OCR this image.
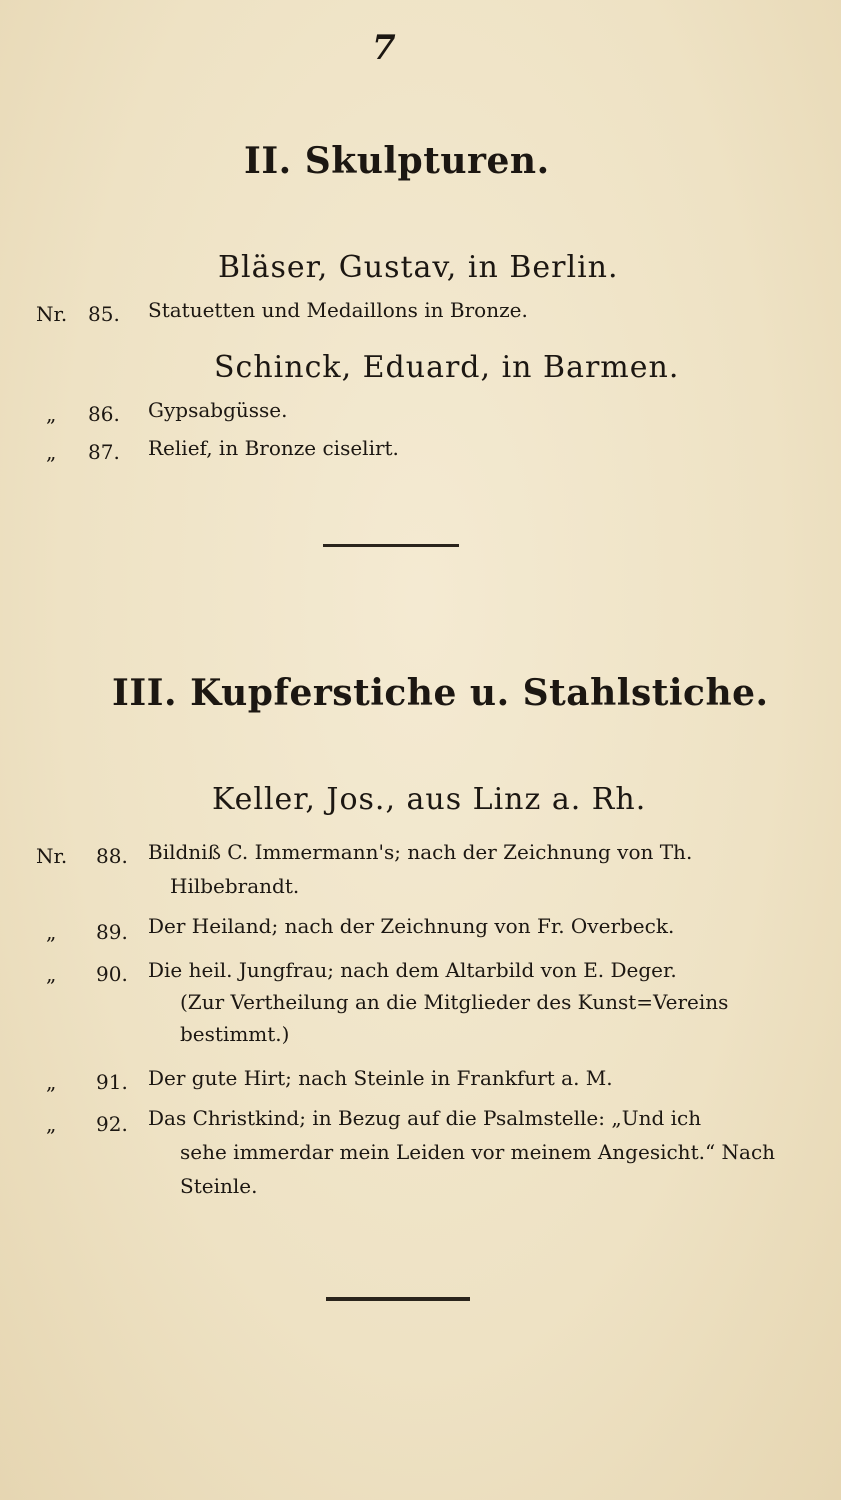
7
II. Skulpturen.
Bläser, Gustav, in Berlin.
Nr. 85. Statuetten und Medaillons in Bronze.
Schinck, Eduard, in Barmen.
„ 86. Gypsabgüsse.
„ 87. Relief, in Bronze ciselirt.
III. Kupferstiche u. Stahlstiche.
Keller, Jos., aus Linz a. Rh.
Nr. 88. Bildniß C. Immermann's; nach der Zeichnung von Th.
Hilbebrandt.
„ 89. Der Heiland; nach der Zeichnung von Fr. Overbeck.
„ 90. Die heil. Jungfrau; nach dem Altarbild von E. Deger.
(Zur Vertheilung an die Mitglieder des Kunst=Vereins
bestimmt.)
„ 91. Der gute Hirt; nach Steinle in Frankfurt a. M.
„ 92. Das Christkind; in Bezug auf die Psalmstelle: „Und ich
sehe immerdar mein Leiden vor meinem Angesicht.“ Nach
Steinle.
